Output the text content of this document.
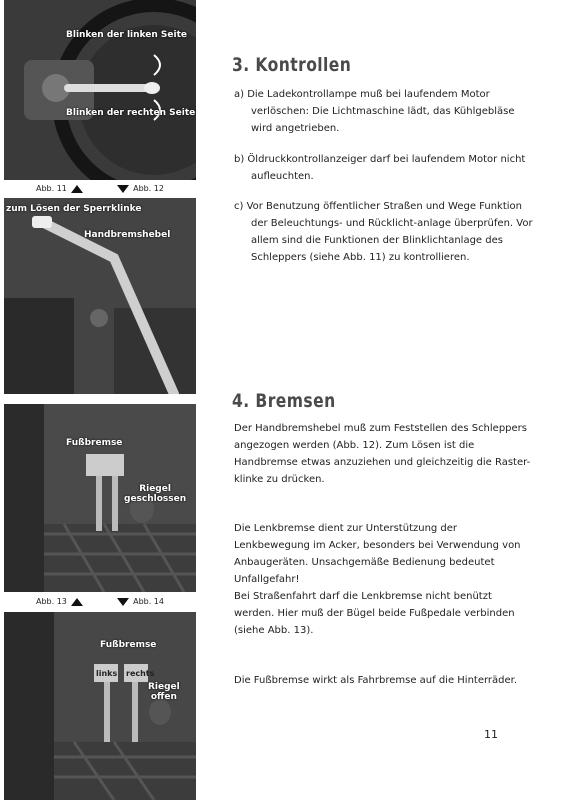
Blinken der linken Seite
Blinken der rechten Seite
Abb. 11	Abb. 12
zum Lösen der Sperrklinke
Handbremshebel
Fußbremse
Riegel
geschlossen
Abb. 13	Abb. 14
Fußbremse
links rechts
Riegel
offen
3. Kontrollen
a) Die Ladekontrollampe muß bei laufendem Motor verlöschen: Die Lichtmaschine lädt, das Kühlgebläse wird angetrieben.
b) Öldruckkontrollanzeiger darf bei laufendem Motor nicht aufleuchten.
c) Vor Benutzung öffentlicher Straßen und Wege Funktion der Beleuchtungs- und Rücklicht-anlage überprüfen. Vor allem sind die Funktionen der Blinklichtanlage des Schleppers (siehe Abb. 11) zu kontrollieren.
4. Bremsen
Der Handbremshebel muß zum Feststellen des Schleppers angezogen werden (Abb. 12). Zum Lösen ist die Handbremse etwas anzuziehen und gleichzeitig die Raster-klinke zu drücken.
Die Lenkbremse dient zur Unterstützung der Lenkbewegung im Acker, besonders bei Verwendung von Anbaugeräten. Unsachgemäße Bedienung bedeutet Unfallgefahr!
Bei Straßenfahrt darf die Lenkbremse nicht benützt werden. Hier muß der Bügel beide Fußpedale verbinden (siehe Abb. 13).
Die Fußbremse wirkt als Fahrbremse auf die Hinterräder.
11
